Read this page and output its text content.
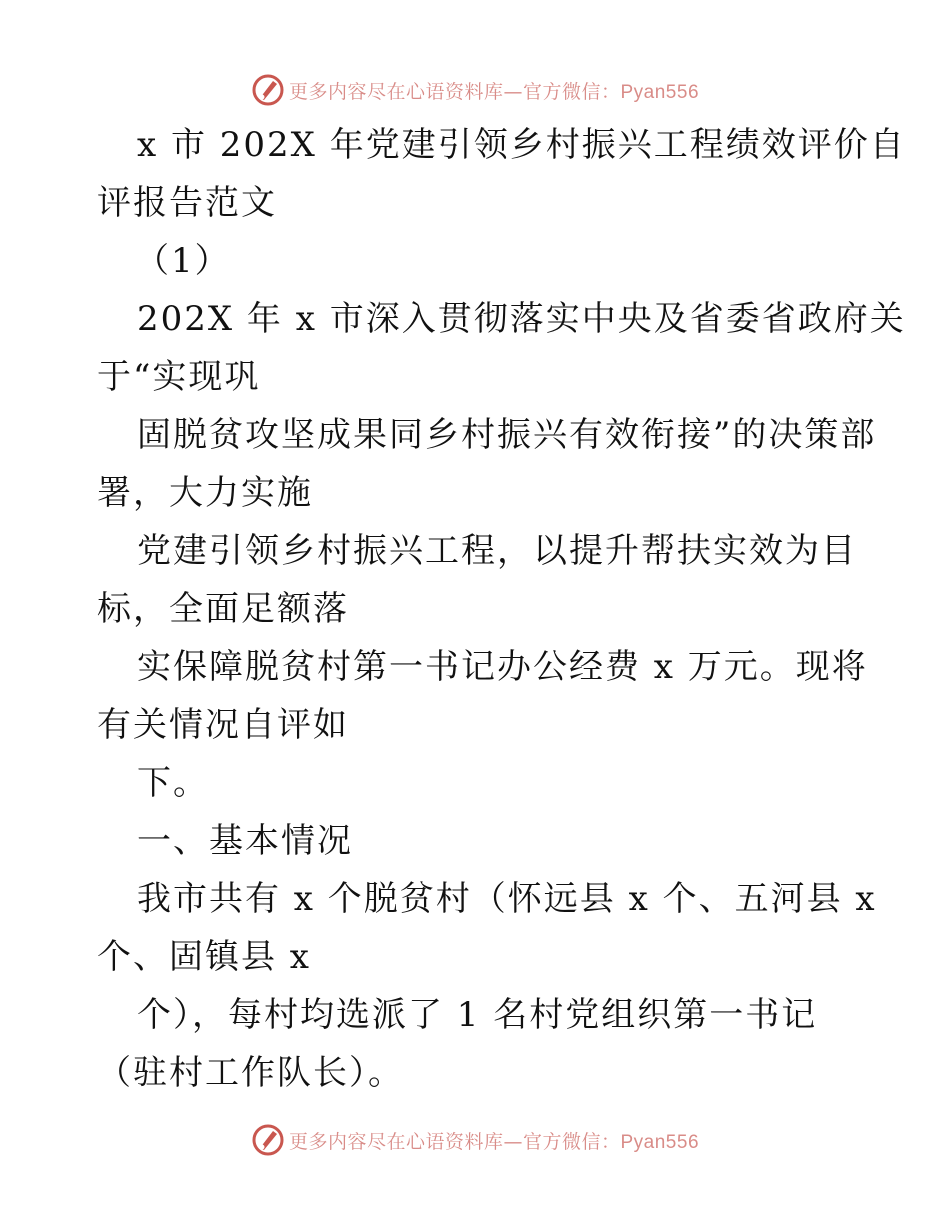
更多内容尽在心语资料库—官方微信：Pyan556
x 市 202X 年党建引领乡村振兴工程绩效评价自
评报告范文
（1）
202X 年 x 市深入贯彻落实中央及省委省政府关
于“实现巩
固脱贫攻坚成果同乡村振兴有效衔接”的决策部
署，大力实施
党建引领乡村振兴工程，以提升帮扶实效为目
标，全面足额落
实保障脱贫村第一书记办公经费 x 万元。现将
有关情况自评如
下。
一、基本情况
我市共有 x 个脱贫村（怀远县 x 个、五河县 x
个、固镇县 x
个），每村均选派了 1 名村党组织第一书记
（驻村工作队长）。
更多内容尽在心语资料库—官方微信：Pyan556
